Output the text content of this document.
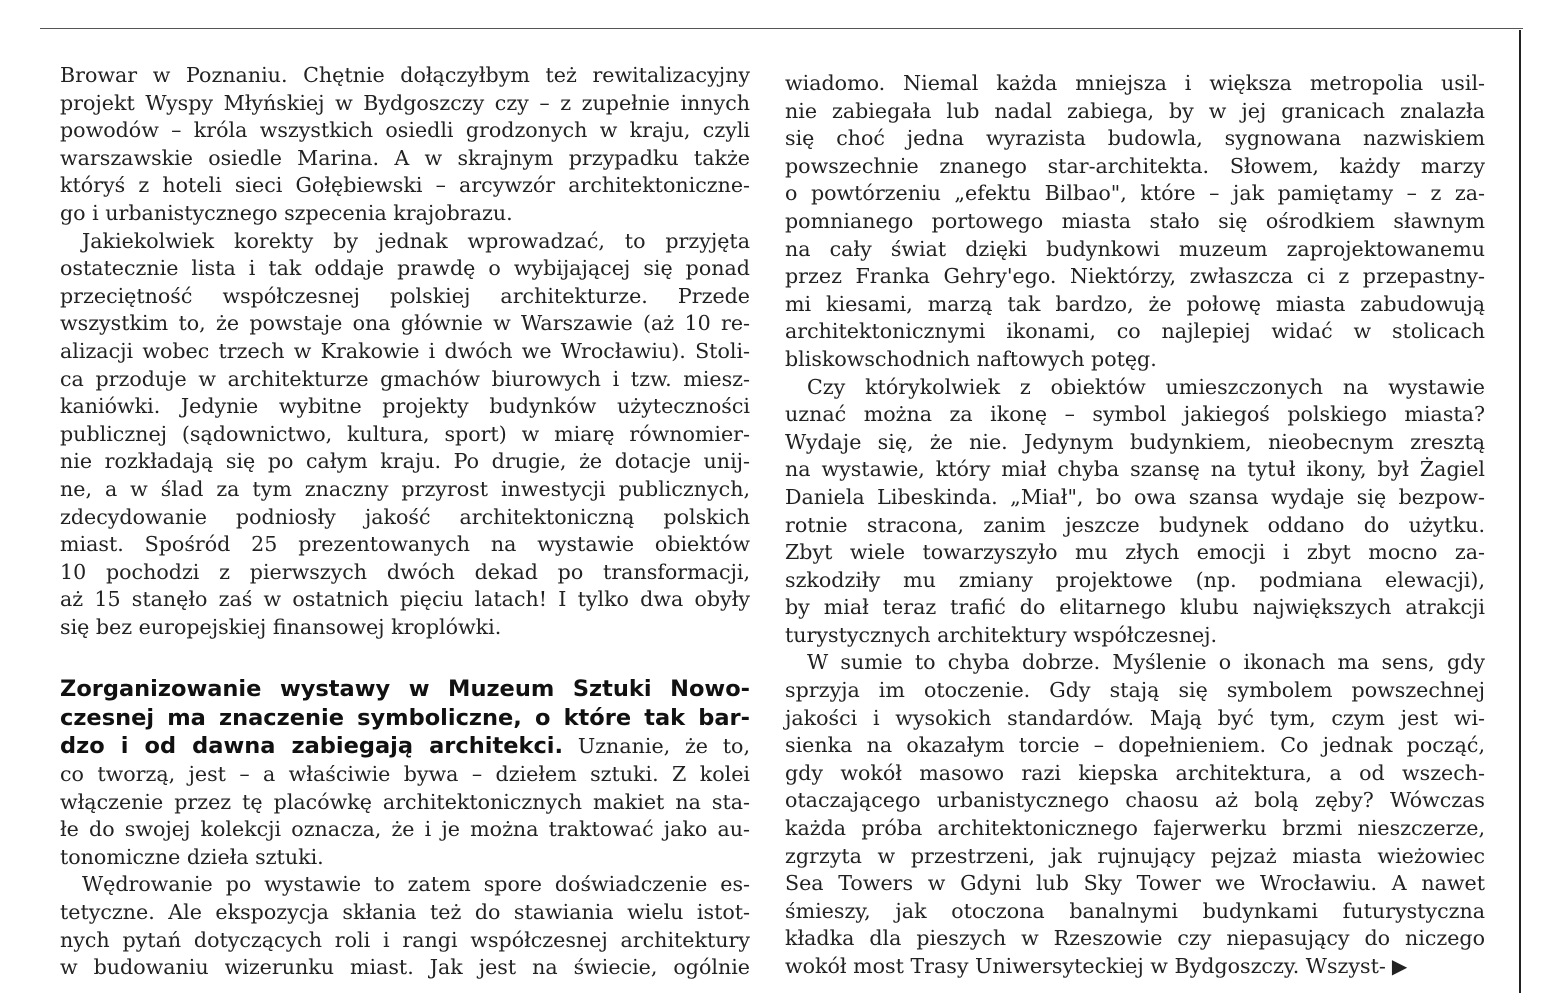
Browar w Poznaniu. Chętnie dołączyłbym też rewitalizacyjny
projekt Wyspy Młyńskiej w Bydgoszczy czy – z zupełnie innych
powodów – króla wszystkich osiedli grodzonych w kraju, czyli
warszawskie osiedle Marina. A w skrajnym przypadku także
któryś z hoteli sieci Gołębiewski – arcywzór architektoniczne-
go i urbanistycznego szpecenia krajobrazu.
Jakiekolwiek korekty by jednak wprowadzać, to przyjęta
ostatecznie lista i tak oddaje prawdę o wybijającej się ponad
przeciętność współczesnej polskiej architekturze. Przede
wszystkim to, że powstaje ona głównie w Warszawie (aż 10 re-
alizacji wobec trzech w Krakowie i dwóch we Wrocławiu). Stoli-
ca przoduje w architekturze gmachów biurowych i tzw. miesz-
kaniówki. Jedynie wybitne projekty budynków użyteczności
publicznej (sądownictwo, kultura, sport) w miarę równomier-
nie rozkładają się po całym kraju. Po drugie, że dotacje unij-
ne, a w ślad za tym znaczny przyrost inwestycji publicznych,
zdecydowanie podniosły jakość architektoniczną polskich
miast. Spośród 25 prezentowanych na wystawie obiektów
10 pochodzi z pierwszych dwóch dekad po transformacji,
aż 15 stanęło zaś w ostatnich pięciu latach! I tylko dwa obyły
się bez europejskiej finansowej kroplówki.
Zorganizowanie wystawy w Muzeum Sztuki Nowo-
czesnej ma znaczenie symboliczne, o które tak bar-
dzo i od dawna zabiegają architekci. Uznanie, że to,
co tworzą, jest – a właściwie bywa – dziełem sztuki. Z kolei
włączenie przez tę placówkę architektonicznych makiet na sta-
łe do swojej kolekcji oznacza, że i je można traktować jako au-
tonomiczne dzieła sztuki.
Wędrowanie po wystawie to zatem spore doświadczenie es-
tetyczne. Ale ekspozycja skłania też do stawiania wielu istot-
nych pytań dotyczących roli i rangi współczesnej architektury
w budowaniu wizerunku miast. Jak jest na świecie, ogólnie
wiadomo. Niemal każda mniejsza i większa metropolia usil-
nie zabiegała lub nadal zabiega, by w jej granicach znalazła
się choć jedna wyrazista budowla, sygnowana nazwiskiem
powszechnie znanego star-architekta. Słowem, każdy marzy
o powtórzeniu „efektu Bilbao", które – jak pamiętamy – z za-
pomnianego portowego miasta stało się ośrodkiem sławnym
na cały świat dzięki budynkowi muzeum zaprojektowanemu
przez Franka Gehry'ego. Niektórzy, zwłaszcza ci z przepastny-
mi kiesami, marzą tak bardzo, że połowę miasta zabudowują
architektonicznymi ikonami, co najlepiej widać w stolicach
bliskowschodnich naftowych potęg.
Czy którykolwiek z obiektów umieszczonych na wystawie
uznać można za ikonę – symbol jakiegoś polskiego miasta?
Wydaje się, że nie. Jedynym budynkiem, nieobecnym zresztą
na wystawie, który miał chyba szansę na tytuł ikony, był Żagiel
Daniela Libeskinda. „Miał", bo owa szansa wydaje się bezpow-
rotnie stracona, zanim jeszcze budynek oddano do użytku.
Zbyt wiele towarzyszyło mu złych emocji i zbyt mocno za-
szkodziły mu zmiany projektowe (np. podmiana elewacji),
by miał teraz trafić do elitarnego klubu największych atrakcji
turystycznych architektury współczesnej.
W sumie to chyba dobrze. Myślenie o ikonach ma sens, gdy
sprzyja im otoczenie. Gdy stają się symbolem powszechnej
jakości i wysokich standardów. Mają być tym, czym jest wi-
sienka na okazałym torcie – dopełnieniem. Co jednak począć,
gdy wokół masowo razi kiepska architektura, a od wszech-
otaczającego urbanistycznego chaosu aż bolą zęby? Wówczas
każda próba architektonicznego fajerwerku brzmi nieszczerze,
zgrzyta w przestrzeni, jak rujnujący pejzaż miasta wieżowiec
Sea Towers w Gdyni lub Sky Tower we Wrocławiu. A nawet
śmieszy, jak otoczona banalnymi budynkami futurystyczna
kładka dla pieszych w Rzeszowie czy niepasujący do niczego
wokół most Trasy Uniwersyteckiej w Bydgoszczy. Wszyst- ▶
